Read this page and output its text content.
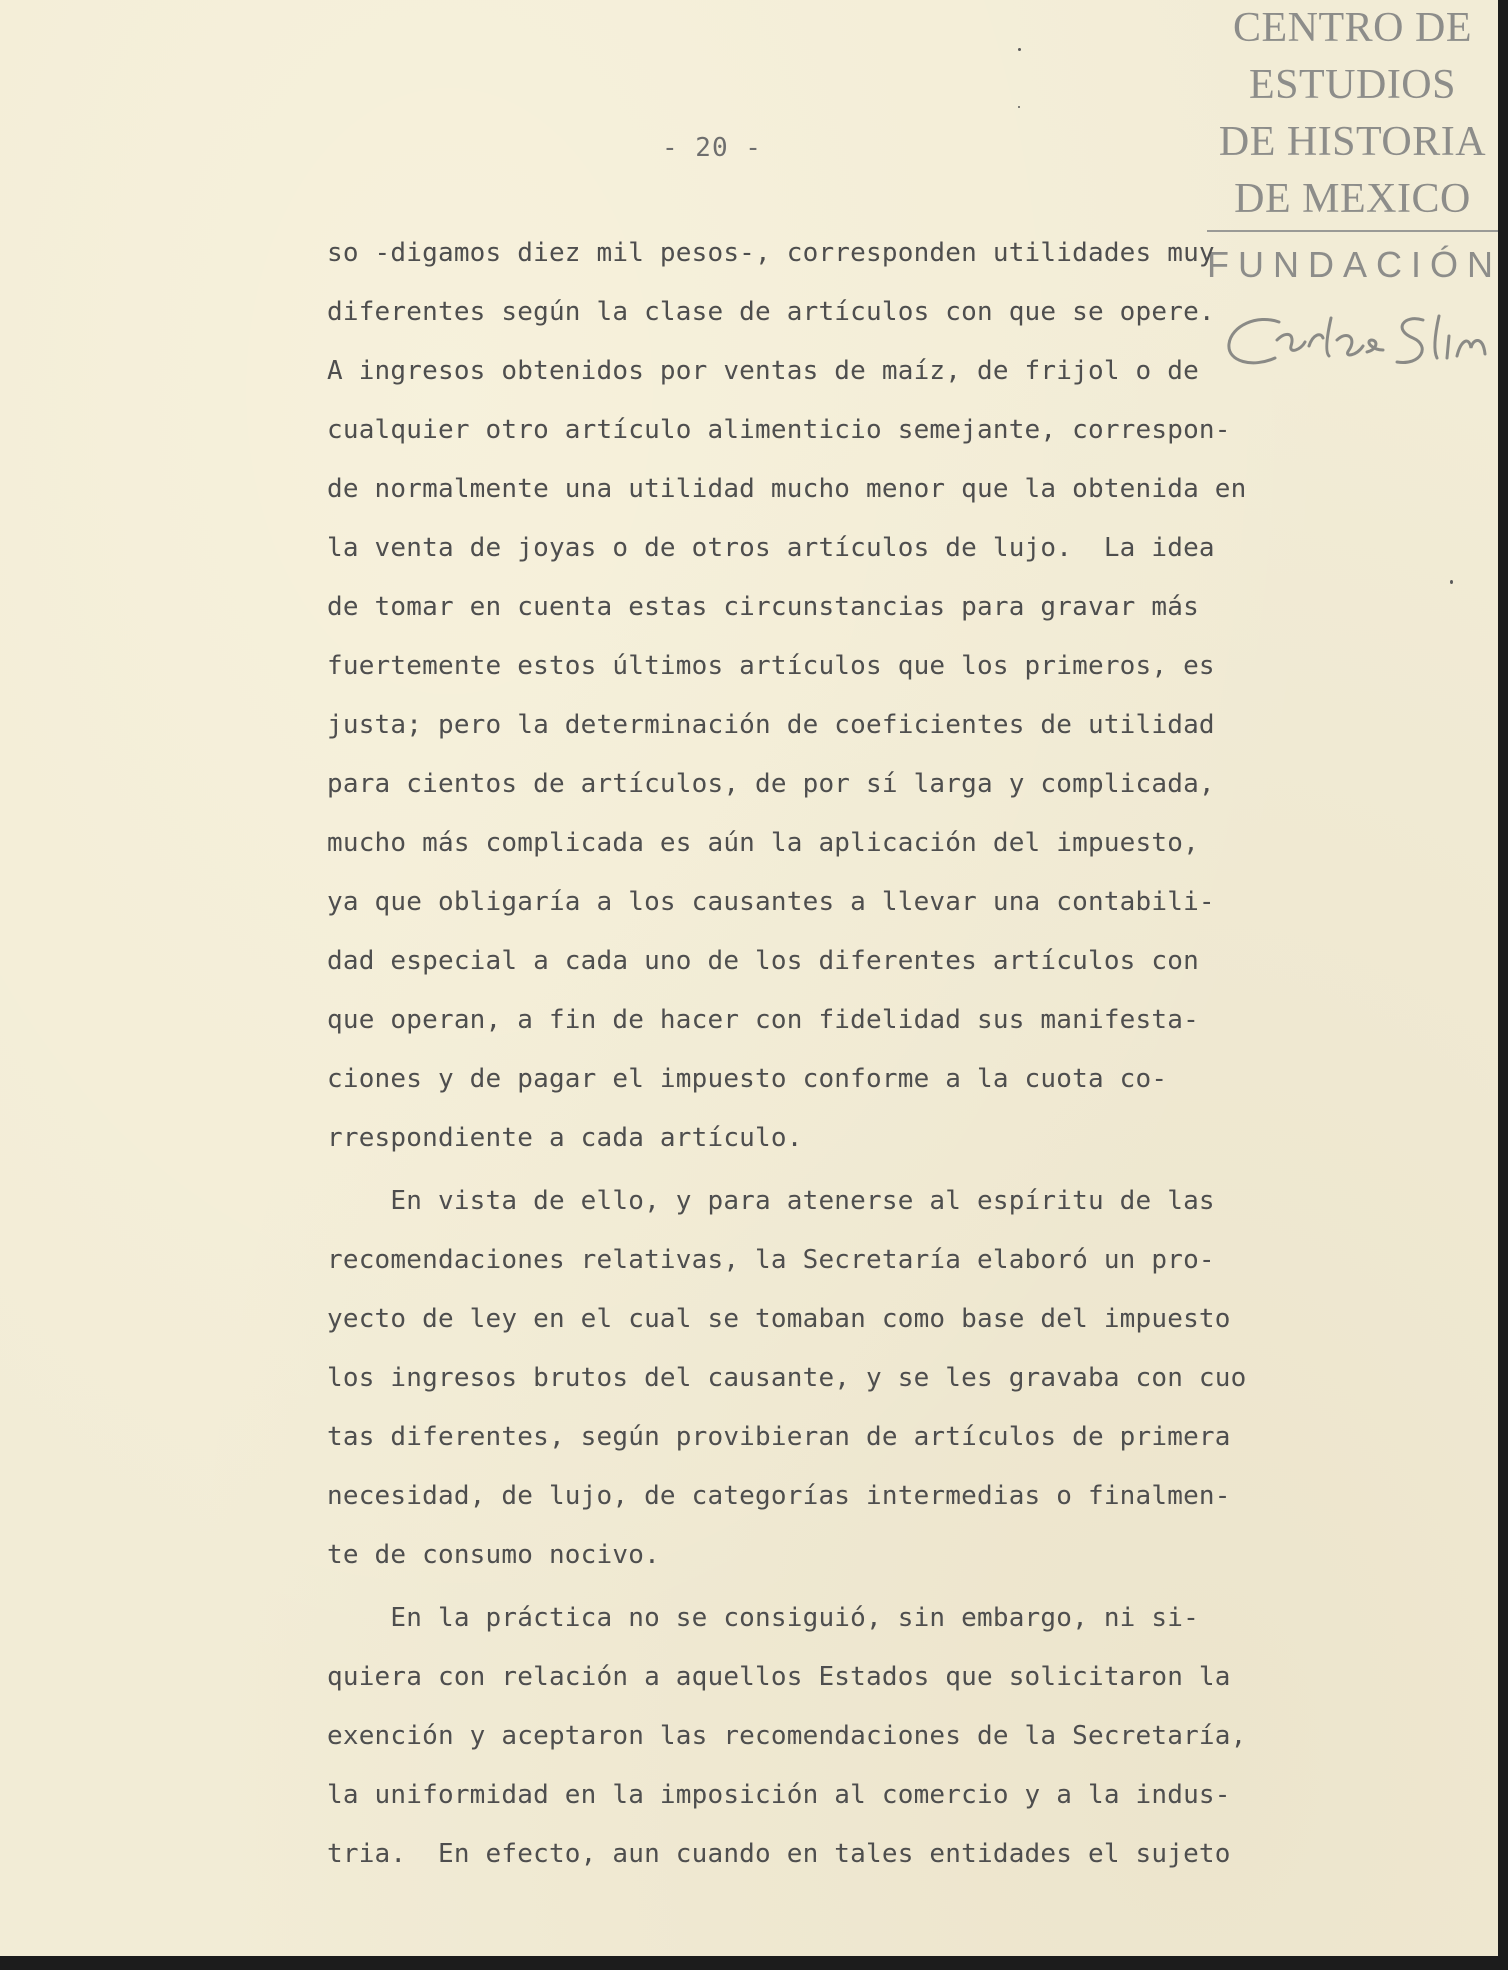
- 20 -
CENTRO DE
ESTUDIOS
DE HISTORIA
DE MEXICO
FUNDACIÓN
so -digamos diez mil pesos-, corresponden utilidades muy
diferentes según la clase de artículos con que se opere.
A ingresos obtenidos por ventas de maíz, de frijol o de
cualquier otro artículo alimenticio semejante, correspon-
de normalmente una utilidad mucho menor que la obtenida en
la venta de joyas o de otros artículos de lujo.  La idea
de tomar en cuenta estas circunstancias para gravar más
fuertemente estos últimos artículos que los primeros, es
justa; pero la determinación de coeficientes de utilidad
para cientos de artículos, de por sí larga y complicada,
mucho más complicada es aún la aplicación del impuesto,
ya que obligaría a los causantes a llevar una contabili-
dad especial a cada uno de los diferentes artículos con
que operan, a fin de hacer con fidelidad sus manifesta-
ciones y de pagar el impuesto conforme a la cuota co-
rrespondiente a cada artículo.
En vista de ello, y para atenerse al espíritu de las
recomendaciones relativas, la Secretaría elaboró un pro-
yecto de ley en el cual se tomaban como base del impuesto
los ingresos brutos del causante, y se les gravaba con cuo
tas diferentes, según provibieran de artículos de primera
necesidad, de lujo, de categorías intermedias o finalmen-
te de consumo nocivo.
En la práctica no se consiguió, sin embargo, ni si-
quiera con relación a aquellos Estados que solicitaron la
exención y aceptaron las recomendaciones de la Secretaría,
la uniformidad en la imposición al comercio y a la indus-
tria.  En efecto, aun cuando en tales entidades el sujeto
